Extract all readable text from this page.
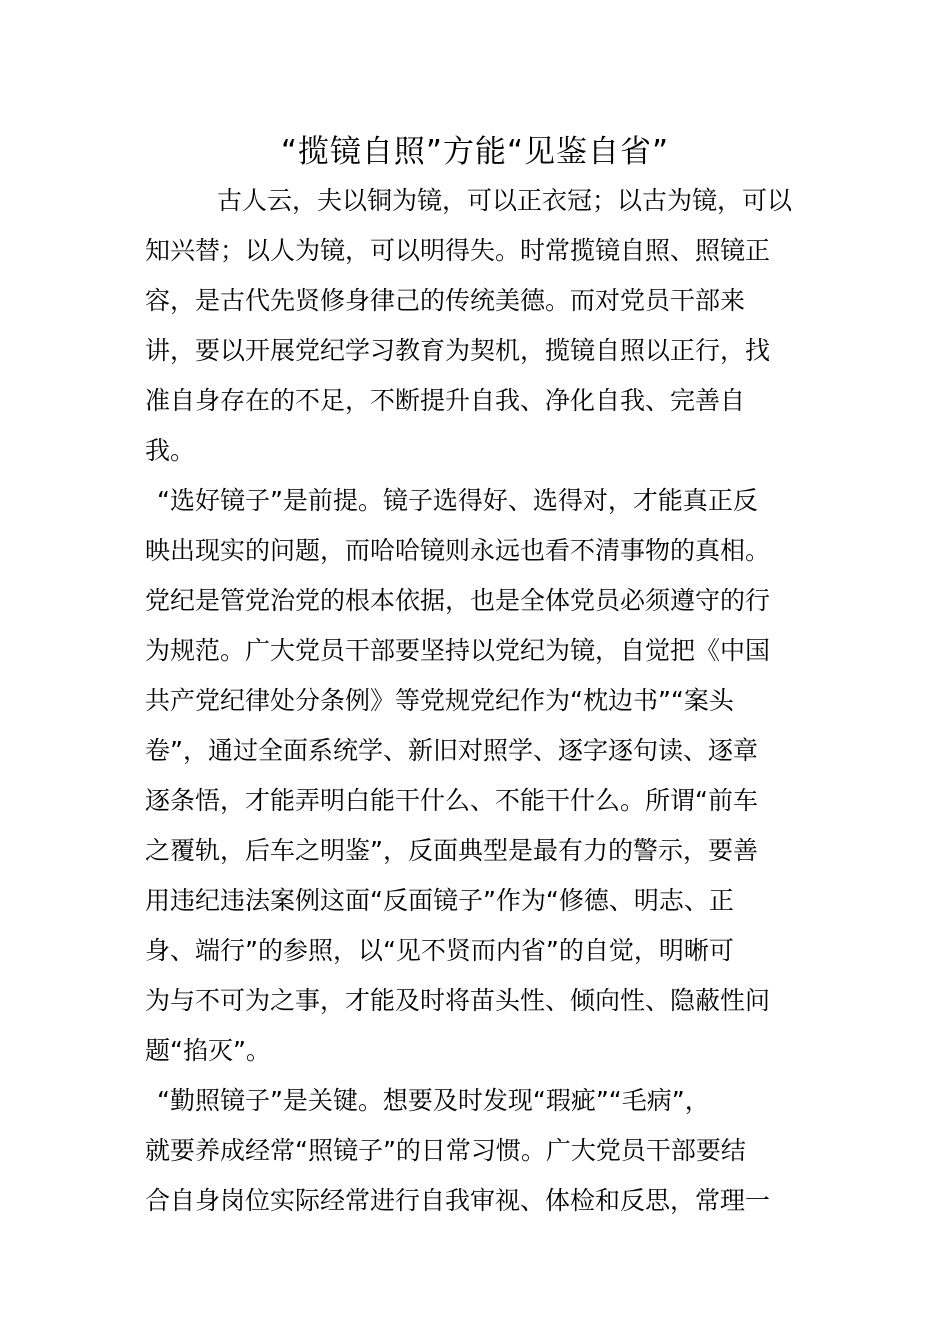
“揽镜自照”方能“见鉴自省”

古人云，夫以铜为镜，可以正衣冠；以古为镜，可以

知兴替；以人为镜，可以明得失。时常揽镜自照、照镜正

容，是古代先贤修身律己的传统美德。而对党员干部来

讲，要以开展党纪学习教育为契机，揽镜自照以正行，找

准自身存在的不足，不断提升自我、净化自我、完善自

我。

“选好镜子”是前提。镜子选得好、选得对，才能真正反

映出现实的问题，而哈哈镜则永远也看不清事物的真相。

党纪是管党治党的根本依据，也是全体党员必须遵守的行

为规范。广大党员干部要坚持以党纪为镜，自觉把《中国

共产党纪律处分条例》等党规党纪作为“枕边书”“案头

卷”，通过全面系统学、新旧对照学、逐字逐句读、逐章

逐条悟，才能弄明白能干什么、不能干什么。所谓“前车

之覆轨，后车之明鉴”，反面典型是最有力的警示，要善

用违纪违法案例这面“反面镜子”作为“修德、明志、正

身、端行”的参照，以“见不贤而内省”的自觉，明晰可

为与不可为之事，才能及时将苗头性、倾向性、隐蔽性问

题“掐灭”。

“勤照镜子”是关键。想要及时发现“瑕疵”“毛病”，

就要养成经常“照镜子”的日常习惯。广大党员干部要结

合自身岗位实际经常进行自我审视、体检和反思，常理一
